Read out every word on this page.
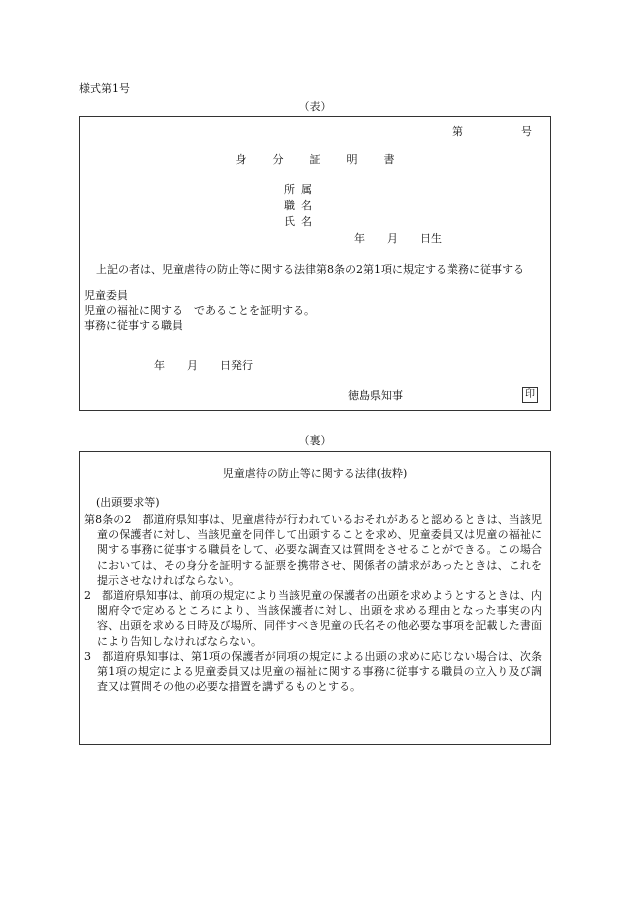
様式第1号
（表）
第	号
身 分 証 明 書
所 属
職 名
氏 名
年 月 日生
上記の者は、児童虐待の防止等に関する法律第8条の2第1項に規定する業務に従事する
児童委員
児童の福祉に関する　であることを証明する。
事務に従事する職員
年 月 日発行
徳島県知事	印
（裏）
児童虐待の防止等に関する法律(抜粋)
(出頭要求等)
第8条の2　都道府県知事は、児童虐待が行われているおそれがあると認めるときは、当該児童の保護者に対し、当該児童を同伴して出頭することを求め、児童委員又は児童の福祉に関する事務に従事する職員をして、必要な調査又は質問をさせることができる。この場合においては、その身分を証明する証票を携帯させ、関係者の請求があったときは、これを提示させなければならない。
2　都道府県知事は、前項の規定により当該児童の保護者の出頭を求めようとするときは、内閣府令で定めるところにより、当該保護者に対し、出頭を求める理由となった事実の内容、出頭を求める日時及び場所、同伴すべき児童の氏名その他必要な事項を記載した書面により告知しなければならない。
3　都道府県知事は、第1項の保護者が同項の規定による出頭の求めに応じない場合は、次条第1項の規定による児童委員又は児童の福祉に関する事務に従事する職員の立入り及び調査又は質問その他の必要な措置を講ずるものとする。
